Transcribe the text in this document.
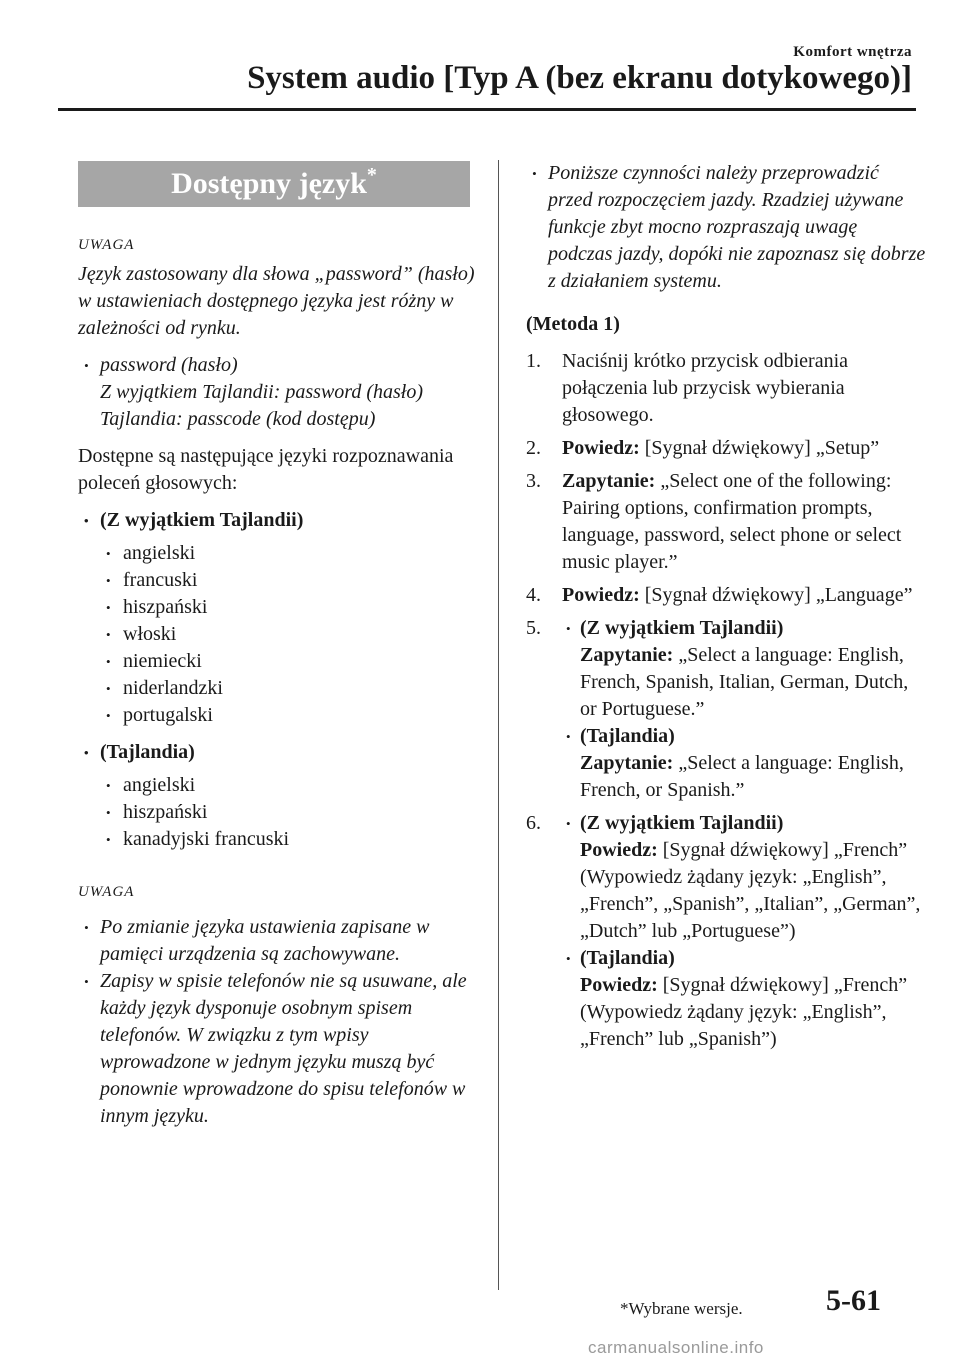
Komfort wnętrza
System audio [Typ A (bez ekranu dotykowego)]
Dostępny język*
UWAGA
Język zastosowany dla słowa „password” (hasło) w ustawieniach dostępnego języka jest różny w zależności od rynku.
• password (hasło)
Z wyjątkiem Tajlandii: password (hasło)
Tajlandia: passcode (kod dostępu)
Dostępne są następujące języki rozpoznawania poleceń głosowych:
• (Z wyjątkiem Tajlandii)
• angielski
• francuski
• hiszpański
• włoski
• niemiecki
• niderlandzki
• portugalski
• (Tajlandia)
• angielski
• hiszpański
• kanadyjski francuski
UWAGA
• Po zmianie języka ustawienia zapisane w pamięci urządzenia są zachowywane.
• Zapisy w spisie telefonów nie są usuwane, ale każdy język dysponuje osobnym spisem telefonów. W związku z tym wpisy wprowadzone w jednym języku muszą być ponownie wprowadzone do spisu telefonów w innym języku.
• Poniższe czynności należy przeprowadzić przed rozpoczęciem jazdy. Rzadziej używane funkcje zbyt mocno rozpraszają uwagę podczas jazdy, dopóki nie zapoznasz się dobrze z działaniem systemu.
(Metoda 1)
1. Naciśnij krótko przycisk odbierania połączenia lub przycisk wybierania głosowego.
2. Powiedz: [Sygnał dźwiękowy] „Setup”
3. Zapytanie: „Select one of the following: Pairing options, confirmation prompts, language, password, select phone or select music player.”
4. Powiedz: [Sygnał dźwiękowy] „Language”
5. • (Z wyjątkiem Tajlandii)
Zapytanie: „Select a language: English, French, Spanish, Italian, German, Dutch, or Portuguese.”
• (Tajlandia)
Zapytanie: „Select a language: English, French, or Spanish.”
6. • (Z wyjątkiem Tajlandii)
Powiedz: [Sygnał dźwiękowy] „French” (Wypowiedz żądany język: „English”, „French”, „Spanish”, „Italian”, „German”, „Dutch” lub „Portuguese”)
• (Tajlandia)
Powiedz: [Sygnał dźwiękowy] „French” (Wypowiedz żądany język: „English”, „French” lub „Spanish”)
*Wybrane wersje.	5-61
carmanualsonline.info
